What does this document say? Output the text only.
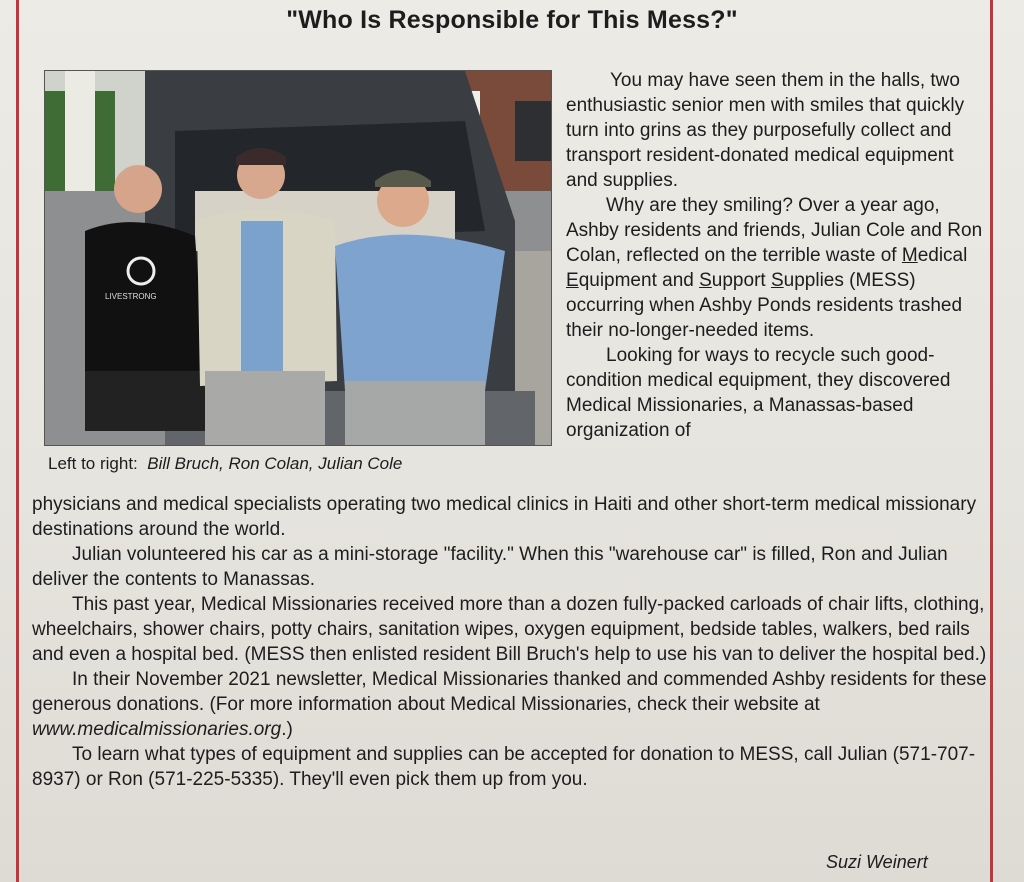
"Who Is Responsible for This Mess?"
LIVESTRONG
Left to right: Bill Bruch, Ron Colan, Julian Cole

You may have seen them in the halls, two enthusiastic senior men with smiles that quickly turn into grins as they purposefully collect and transport resident-donated medical equipment and supplies.

Why are they smiling? Over a year ago, Ashby residents and friends, Julian Cole and Ron Colan, reflected on the terrible waste of Medical Equipment and Support Supplies (MESS) occurring when Ashby Ponds residents trashed their no-longer-needed items.

Looking for ways to recycle such good-condition medical equipment, they discovered Medical Missionaries, a Manassas-based organization of

physicians and medical specialists operating two medical clinics in Haiti and other short-term medical missionary destinations around the world.

Julian volunteered his car as a mini-storage "facility." When this "warehouse car" is filled, Ron and Julian deliver the contents to Manassas.

This past year, Medical Missionaries received more than a dozen fully-packed carloads of chair lifts, clothing, wheelchairs, shower chairs, potty chairs, sanitation wipes, oxygen equipment, bedside tables, walkers, bed rails and even a hospital bed. (MESS then enlisted resident Bill Bruch's help to use his van to deliver the hospital bed.)

In their November 2021 newsletter, Medical Missionaries thanked and commended Ashby residents for these generous donations. (For more information about Medical Missionaries, check their website at www.medicalmissionaries.org.)

To learn what types of equipment and supplies can be accepted for donation to MESS, call Julian (571-707-8937) or Ron (571-225-5335). They'll even pick them up from you.

Suzi Weinert
